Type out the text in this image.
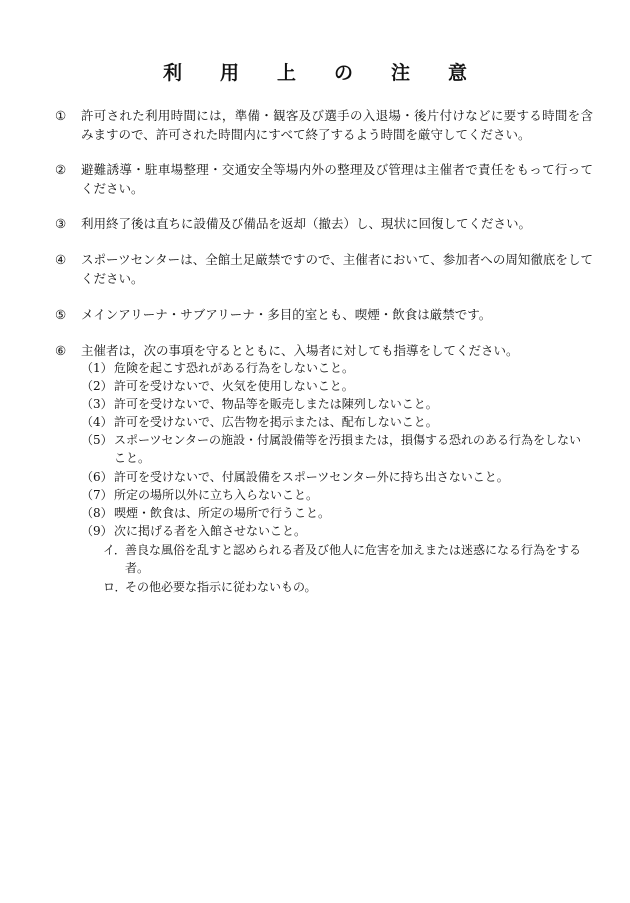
利 用 上 の 注 意
① 許可された利用時間には，準備・観客及び選手の入退場・後片付けなどに要する時間を含みますので、許可された時間内にすべて終了するよう時間を厳守してください。
② 避難誘導・駐車場整理・交通安全等場内外の整理及び管理は主催者で責任をもって行ってください。
③ 利用終了後は直ちに設備及び備品を返却（撤去）し、現状に回復してください。
④ スポーツセンターは、全館土足厳禁ですので、主催者において、参加者への周知徹底をしてください。
⑤ メインアリーナ・サブアリーナ・多目的室とも、喫煙・飲食は厳禁です。
⑥ 主催者は，次の事項を守るとともに、入場者に対しても指導をしてください。
（1） 危険を起こす恐れがある行為をしないこと。
（2） 許可を受けないで、火気を使用しないこと。
（3） 許可を受けないで、物品等を販売しまたは陳列しないこと。
（4） 許可を受けないで、広告物を掲示または、配布しないこと。
（5） スポーツセンターの施設・付属設備等を汚損または，損傷する恐れのある行為をしないこと。
（6） 許可を受けないで、付属設備をスポーツセンター外に持ち出さないこと。
（7） 所定の場所以外に立ち入らないこと。
（8） 喫煙・飲食は、所定の場所で行うこと。
（9） 次に掲げる者を入館させないこと。
イ． 善良な風俗を乱すと認められる者及び他人に危害を加えまたは迷惑になる行為をする者。
ロ．
その他必要な指示に従わないもの。
